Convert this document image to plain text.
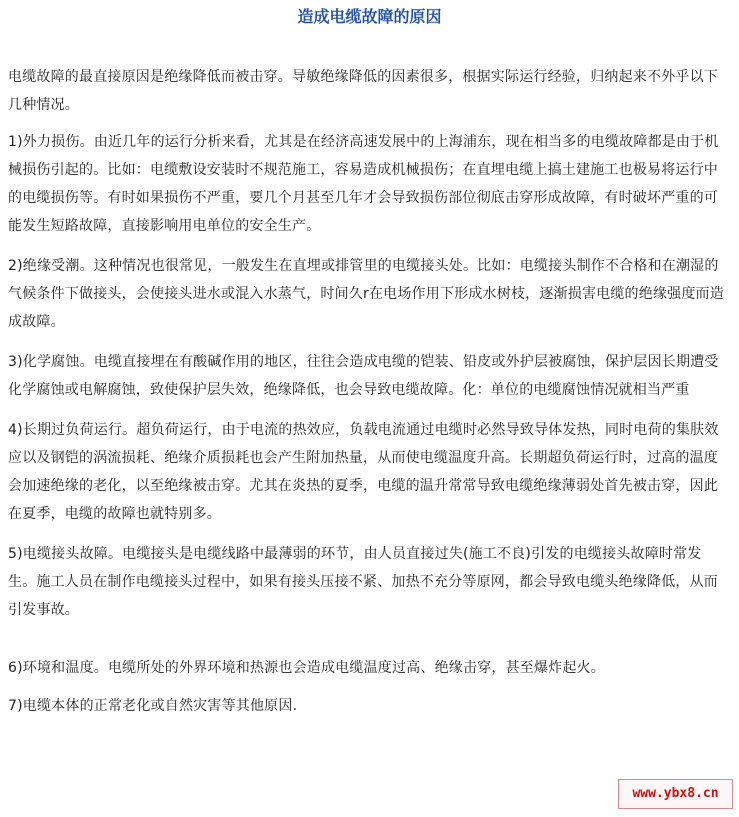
造成电缆故障的原因

电缆故障的最直接原因是绝缘降低而被击穿。导敏绝缘降低的因素很多，根据实际运行经验，归纳起来不外乎以下几种情况。

1)外力损伤。由近几年的运行分析来看，尤其是在经济高速发展中的上海浦东，现在相当多的电缆故障都是由于机械损伤引起的。比如：电缆敷设安装时不规范施工，容易造成机械损伤；在直埋电缆上搞土建施工也极易将运行中的电缆损伤等。有时如果损伤不严重，要几个月甚至几年才会导致损伤部位彻底击穿形成故障，有时破坏严重的可能发生短路故障，直接影响用电单位的安全生产。

2)绝缘受潮。这种情况也很常见，一般发生在直埋或排管里的电缆接头处。比如：电缆接头制作不合格和在潮湿的气候条件下做接头，会使接头进水或混入水蒸气，时间久r在电场作用下形成水树枝，逐渐损害电缆的绝缘强度而造成故障。

3)化学腐蚀。电缆直接埋在有酸碱作用的地区，往往会造成电缆的铠装、铅皮或外护层被腐蚀，保护层因长期遭受化学腐蚀或电解腐蚀，致使保护层失效，绝缘降低，也会导致电缆故障。化：单位的电缆腐蚀情况就相当严重

4)长期过负荷运行。超负荷运行，由于电流的热效应，负载电流通过电缆时必然导致导体发热，同时电荷的集肤效应以及钢铠的涡流损耗、绝缘介质损耗也会产生附加热量，从而使电缆温度升高。长期超负荷运行时，过高的温度会加速绝缘的老化，以至绝缘被击穿。尤其在炎热的夏季，电缆的温升常常导致电缆绝缘薄弱处首先被击穿，因此在夏季，电缆的故障也就特别多。

5)电缆接头故障。电缆接头是电缆线路中最薄弱的环节，由人员直接过失(施工不良)引发的电缆接头故障时常发生。施工人员在制作电缆接头过程中，如果有接头压接不紧、加热不充分等原网，都会导致电缆头绝缘降低，从而引发事故。

6)环境和温度。电缆所处的外界环境和热源也会造成电缆温度过高、绝缘击穿，甚至爆炸起火。

7)电缆本体的正常老化或自然灾害等其他原因.

www.ybx8.cn
